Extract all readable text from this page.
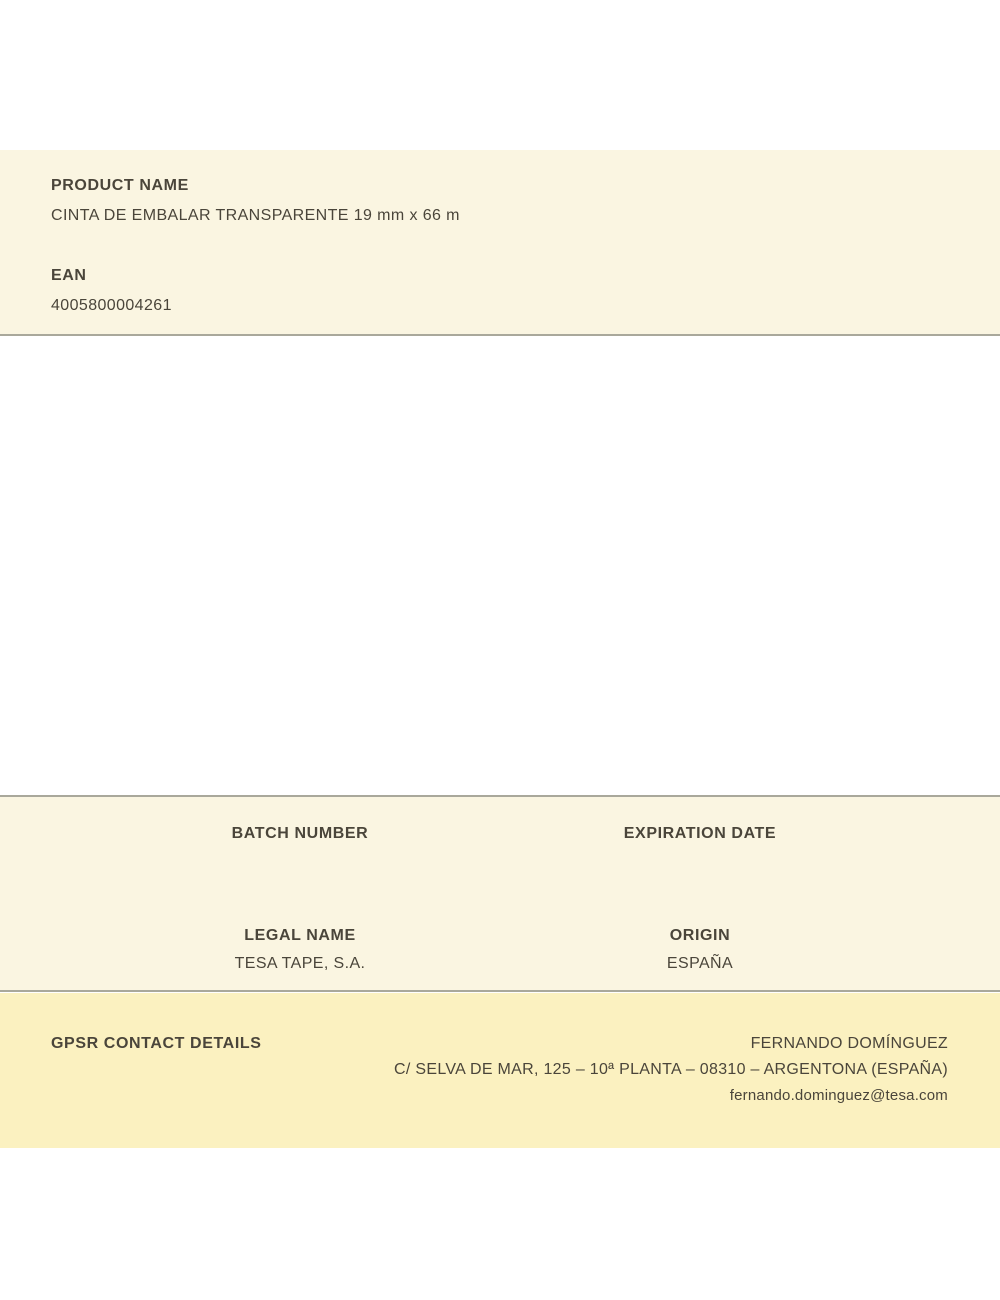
PRODUCT NAME
CINTA DE EMBALAR TRANSPARENTE 19 mm x 66 m
EAN
4005800004261
BATCH NUMBER	EXPIRATION DATE
LEGAL NAME
TESA TAPE, S.A.
ORIGIN
ESPAÑA
GPSR CONTACT DETAILS	FERNANDO DOMÍNGUEZ
C/ SELVA DE MAR, 125 – 10ª PLANTA – 08310 – ARGENTONA (ESPAÑA)
fernando.dominguez@tesa.com
